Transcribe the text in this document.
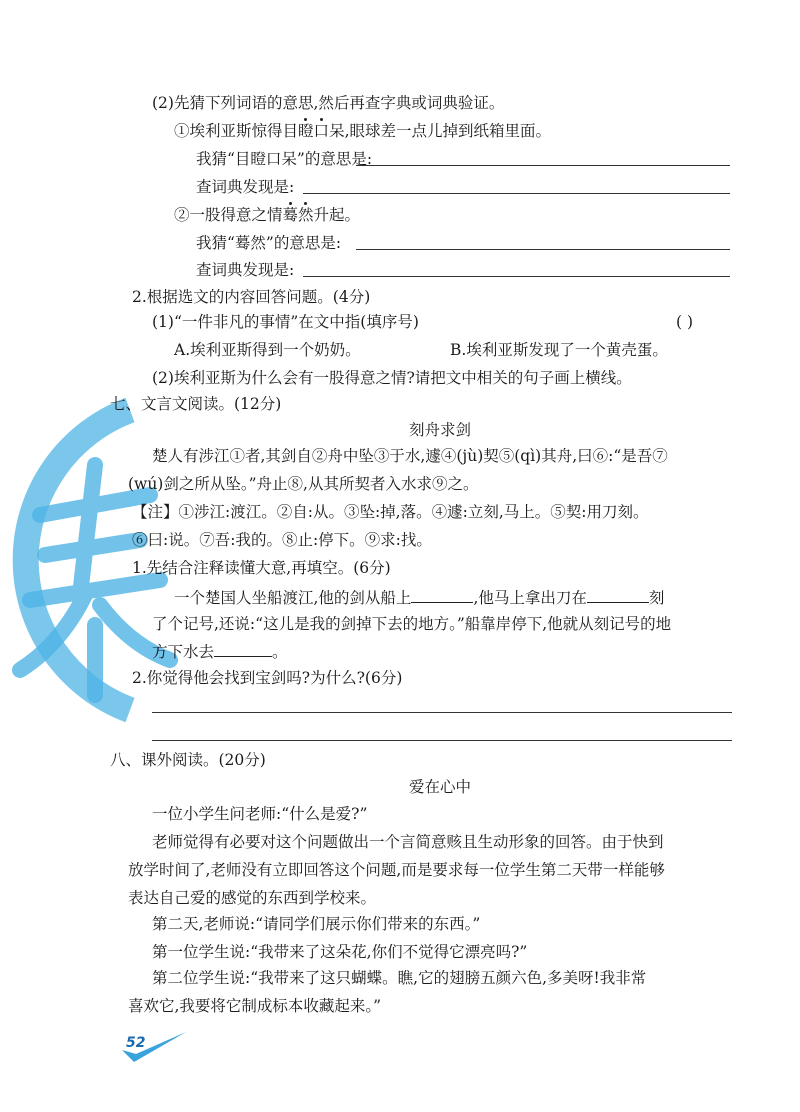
(2)先猜下列词语的意思,然后再查字典或词典验证。
①埃利亚斯惊得目瞪口呆,眼球差一点儿掉到纸箱里面。
我猜“目瞪口呆”的意思是:
查词典发现是:
②一股得意之情蓦然升起。
我猜“蓦然”的意思是:
查词典发现是:
2.根据选文的内容回答问题。(4分)
(1)“一件非凡的事情”在文中指(填序号)	( )
A.埃利亚斯得到一个奶奶。	B.埃利亚斯发现了一个黄壳蛋。
(2)埃利亚斯为什么会有一股得意之情?请把文中相关的句子画上横线。
七、文言文阅读。(12分)
刻舟求剑
楚人有涉江①者,其剑自②舟中坠③于水,遽④(jù)契⑤(qì)其舟,曰⑥:“是吾⑦
(wú)剑之所从坠。”舟止⑧,从其所契者入水求⑨之。
【注】①涉江:渡江。②自:从。③坠:掉,落。④遽:立刻,马上。⑤契:用刀刻。
⑥曰:说。⑦吾:我的。⑧止:停下。⑨求:找。
1.先结合注释读懂大意,再填空。(6分)
一个楚国人坐船渡江,他的剑从船上	,他马上拿出刀在	刻
了个记号,还说:“这儿是我的剑掉下去的地方。”船靠岸停下,他就从刻记号的地
方下水去	。
2.你觉得他会找到宝剑吗?为什么?(6分)
八、课外阅读。(20分)
爱在心中
一位小学生问老师:“什么是爱?”
老师觉得有必要对这个问题做出一个言简意赅且生动形象的回答。由于快到
放学时间了,老师没有立即回答这个问题,而是要求每一位学生第二天带一样能够
表达自己爱的感觉的东西到学校来。
第二天,老师说:“请同学们展示你们带来的东西。”
第一位学生说:“我带来了这朵花,你们不觉得它漂亮吗?”
第二位学生说:“我带来了这只蝴蝶。瞧,它的翅膀五颜六色,多美呀!我非常
喜欢它,我要将它制成标本收藏起来。”
52
